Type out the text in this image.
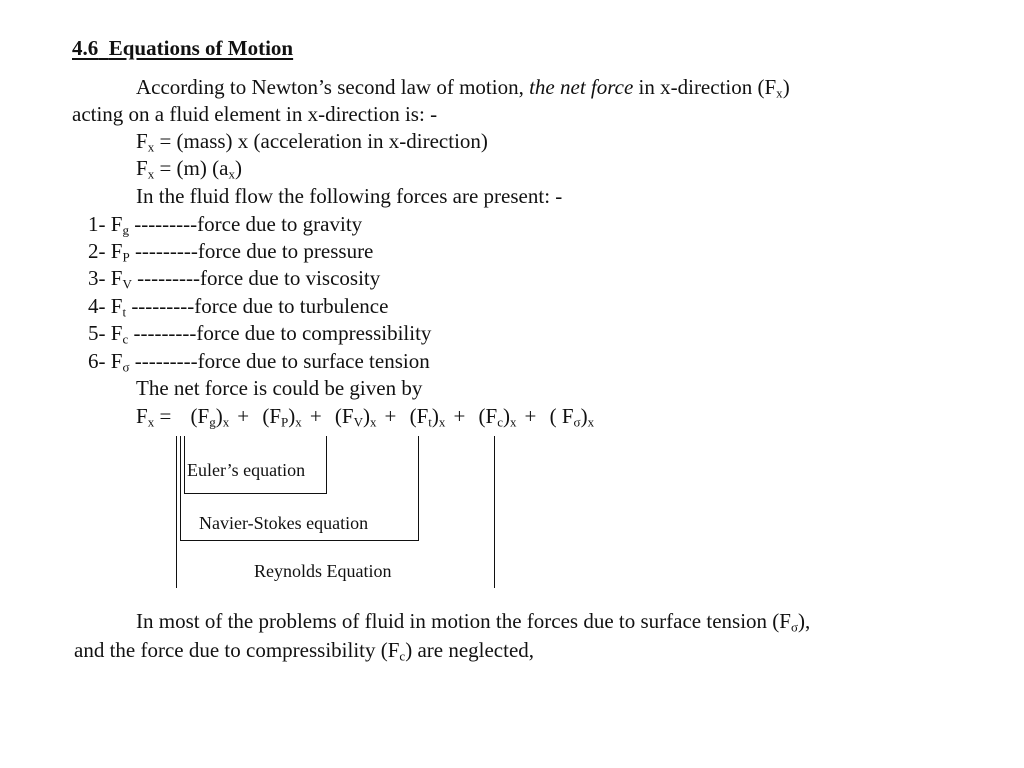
4.6 Equations of Motion
According to Newton’s second law of motion, the net force in x-direction $(F_x)$
acting on a fluid element in x-direction is: -
$F_x$ = (mass) x (acceleration in x-direction)
$F_x = (m)$ $(a_x)$
In the fluid flow the following forces are present: -
1- $F_g$ ---------force due to gravity
2- $F_P$ ---------force due to pressure
3- $F_V$ ---------force due to viscosity
4- $F_t$ ---------force due to turbulence
5- $F_c$ ---------force due to compressibility
6- $F_\sigma$ ---------force due to surface tension
The net force is could be given by
$F_x = (F_g)_x + (F_P)_x + (F_V)_x + (F_t)_x + (F_c)_x$ + ( $F_\sigma)_x$
Euler’s equation
Navier-Stokes equation
Reynolds Equation
In most of the problems of fluid in motion the forces due to surface tension $(F_\sigma)$,
and the force due to compressibility $(F_c)$ are neglected,
